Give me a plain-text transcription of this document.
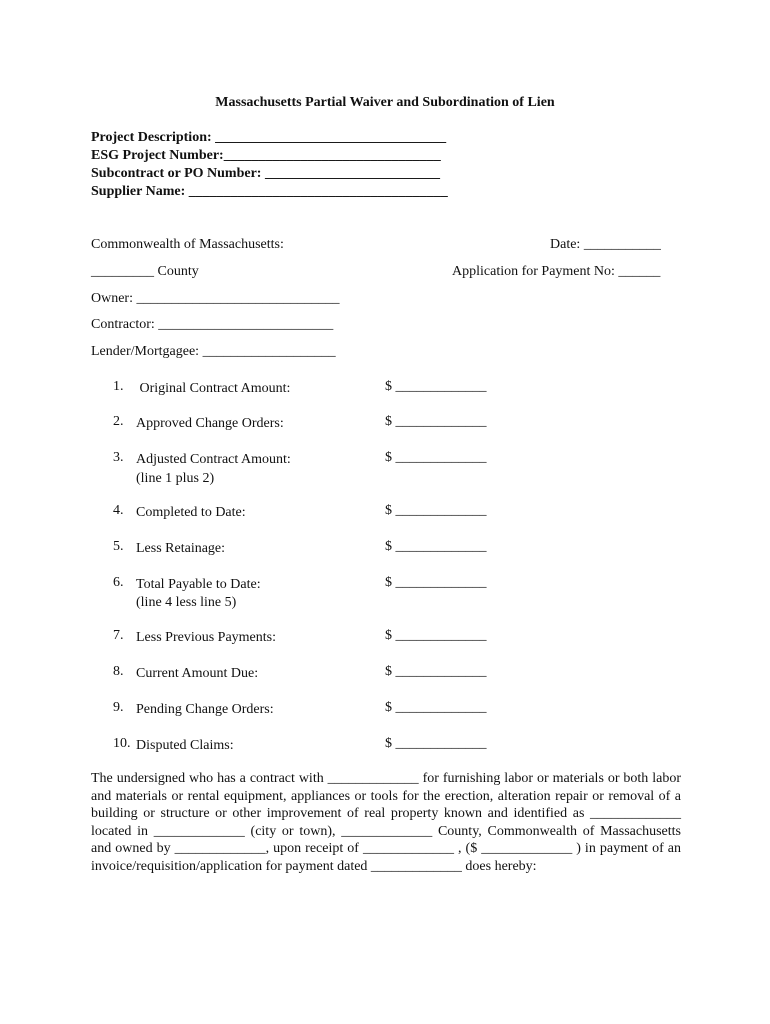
Massachusetts Partial Waiver and Subordination of Lien
Project Description: _________________________________
ESG Project Number:_______________________________
Subcontract or PO Number: _________________________
Supplier Name: _____________________________________
Commonwealth of Massachusetts:	Date: ___________
_________ County	Application for Payment No: ______
Owner: _____________________________
Contractor: _________________________
Lender/Mortgagee: ___________________
1. Original Contract Amount:	$ _____________
2. Approved Change Orders:	$ _____________
3. Adjusted Contract Amount:
(line 1 plus 2)
$ _____________
4. Completed to Date:	$ _____________
5. Less Retainage:	$ _____________
6. Total Payable to Date:
(line 4 less line 5)
$ _____________
7. Less Previous Payments:	$ _____________
8. Current Amount Due:	$ _____________
9. Pending Change Orders:	$ _____________
10. Disputed Claims:	$ _____________
The undersigned who has a contract with _____________ for furnishing labor or materials or both labor and materials or rental equipment, appliances or tools for the erection, alteration repair or removal of a building or structure or other improvement of real property known and identified as _____________ located in _____________ (city or town), _____________ County, Commonwealth of Massachusetts and owned by _____________, upon receipt of _____________ , ($ _____________ ) in payment of an invoice/requisition/application for payment dated _____________ does hereby:
